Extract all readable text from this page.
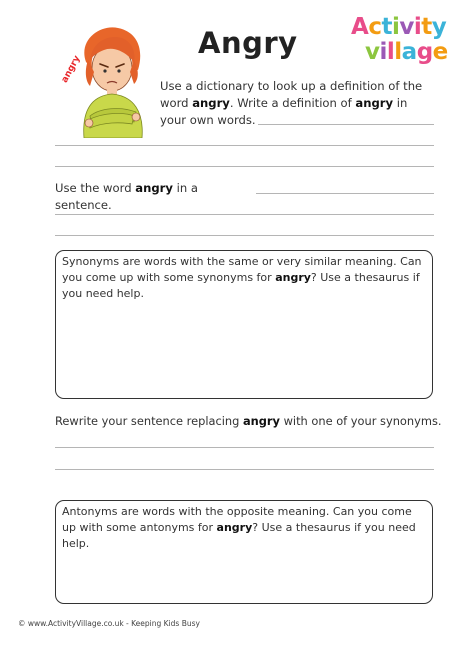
angry
Angry Activity
village
Use a dictionary to look up a definition of the word angry. Write a definition of angry in your own words.
Use the word angry in a sentence.
Synonyms are words with the same or very similar meaning. Can you come up with some synonyms for angry? Use a thesaurus if you need help.
Rewrite your sentence replacing angry with one of your synonyms.
Antonyms are words with the opposite meaning. Can you come up with some antonyms for angry? Use a thesaurus if you need help.
© www.ActivityVillage.co.uk - Keeping Kids Busy
